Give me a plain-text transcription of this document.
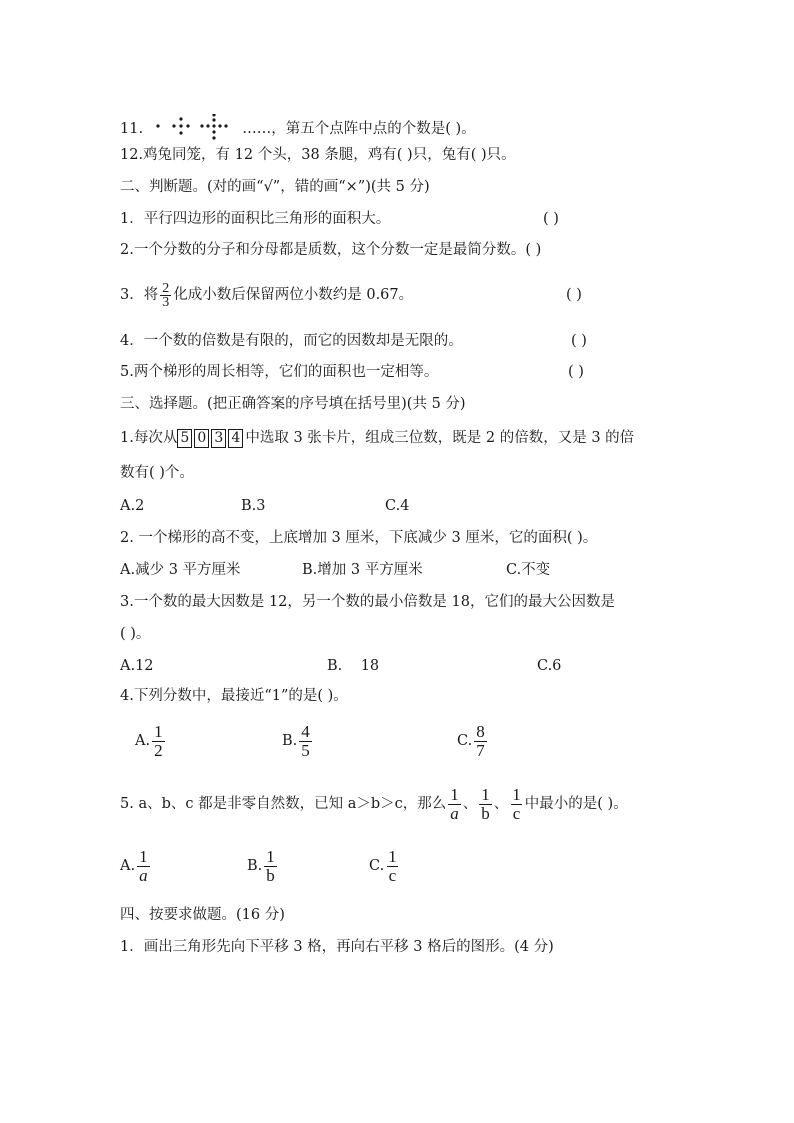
11.	……，第五个点阵中点的个数是( )。
12.鸡兔同笼，有 12 个头，38 条腿，鸡有( )只，兔有( )只。
二、判断题。(对的画“√”，错的画“×”)(共 5 分)
1．平行四边形的面积比三角形的面积大。	( )
2.一个分数的分子和分母都是质数，这个分数一定是最简分数。( )
3．将 $\frac{2}{3}$ 化成小数后保留两位小数约是 0.67。	( )
4．一个数的倍数是有限的，而它的因数却是无限的。	( )
5.两个梯形的周长相等，它们的面积也一定相等。	( )
三、选择题。(把正确答案的序号填在括号里)(共 5 分)
1.每次从 5 0 3 4 中选取 3 张卡片，组成三位数，既是 2 的倍数，又是 3 的倍
数有( )个。
A.2	B.3	C.4
2. 一个梯形的高不变，上底增加 3 厘米，下底减少 3 厘米，它的面积( )。
A.减少 3 平方厘米	B.增加 3 平方厘米	C.不变
3.一个数的最大因数是 12，另一个数的最小倍数是 18，它们的最大公因数是
( )。
A.12	B.    18	C.6
4.下列分数中，最接近“1”的是( )。
A. $\frac{1}{2}$	B. $\frac{4}{5}$	C. $\frac{8}{7}$
5. a、b、c 都是非零自然数，已知 a＞b＞c，那么 $\frac{1}{a}$ 、 $\frac{1}{b}$ 、 $\frac{1}{c}$ 中最小的是( )。
A. $\frac{1}{a}$	B. $\frac{1}{b}$	C. $\frac{1}{c}$
四、按要求做题。(16 分)
1．画出三角形先向下平移 3 格，再向右平移 3 格后的图形。(4 分)
